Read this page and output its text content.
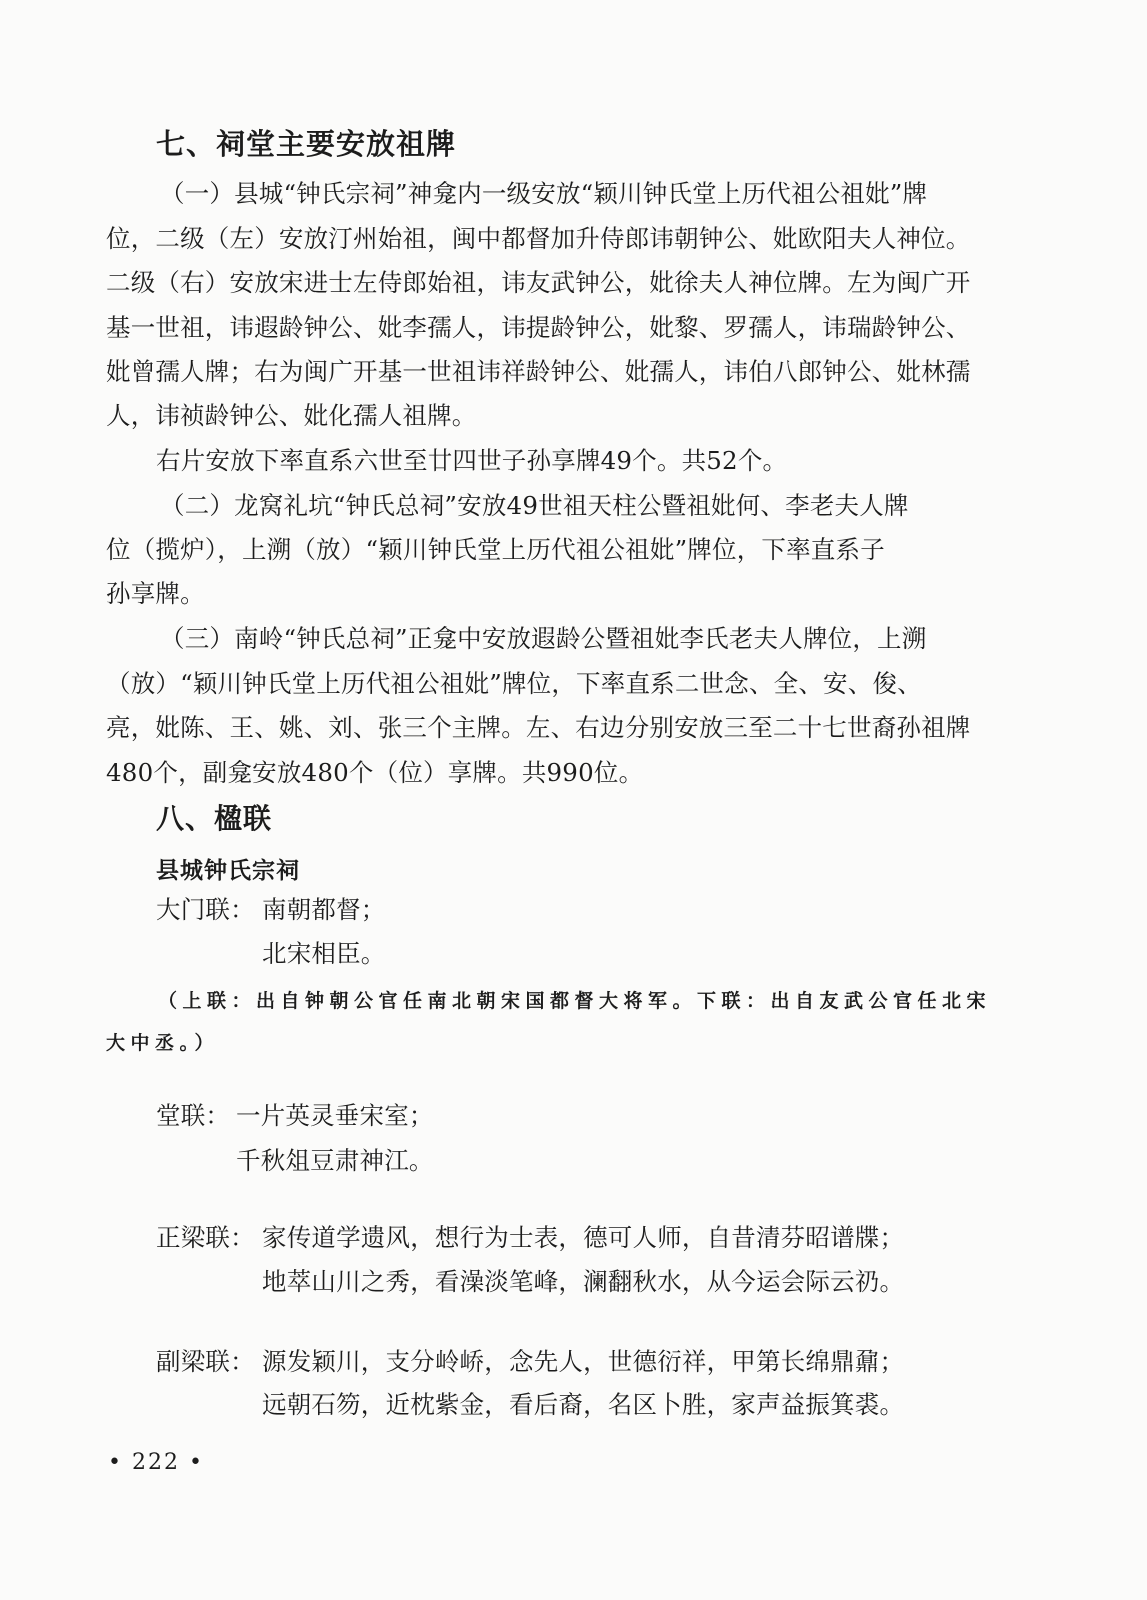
七、祠堂主要安放祖牌
（一）县城“钟氏宗祠”神龛内一级安放“颖川钟氏堂上历代祖公祖妣”牌
位，二级（左）安放汀州始祖，闽中都督加升侍郎讳朝钟公、妣欧阳夫人神位。
二级（右）安放宋进士左侍郎始祖，讳友武钟公，妣徐夫人神位牌。左为闽广开
基一世祖，讳遐龄钟公、妣李孺人，讳提龄钟公，妣黎、罗孺人，讳瑞龄钟公、
妣曾孺人牌；右为闽广开基一世祖讳祥龄钟公、妣孺人，讳伯八郎钟公、妣林孺
人，讳祯龄钟公、妣化孺人祖牌。
右片安放下率直系六世至廿四世子孙享牌49个。共52个。
（二）龙窝礼坑“钟氏总祠”安放49世祖天柱公暨祖妣何、李老夫人牌
位（揽炉），上溯（放）“颖川钟氏堂上历代祖公祖妣”牌位，下率直系子
孙享牌。
（三）南岭“钟氏总祠”正龛中安放遐龄公暨祖妣李氏老夫人牌位，上溯
（放）“颖川钟氏堂上历代祖公祖妣”牌位，下率直系二世念、全、安、俊、
亮，妣陈、王、姚、刘、张三个主牌。左、右边分别安放三至二十七世裔孙祖牌
480个，副龛安放480个（位）享牌。共990位。
八、楹联
县城钟氏宗祠
大门联： 南朝都督；
北宋相臣。
（上联：出自钟朝公官任南北朝宋国都督大将军。下联：出自友武公官任北宋
大中丞。）
堂联： 一片英灵垂宋室；
千秋俎豆肃神江。
正梁联： 家传道学遗风，想行为士表，德可人师，自昔清芬昭谱牒；
地萃山川之秀，看澡淡笔峰，澜翻秋水，从今运会际云礽。
副梁联： 源发颖川，支分岭峤，念先人，世德衍祥，甲第长绵鼎鼐；
远朝石笏，近枕紫金，看后裔，名区卜胜，家声益振箕裘。
• 222 •
